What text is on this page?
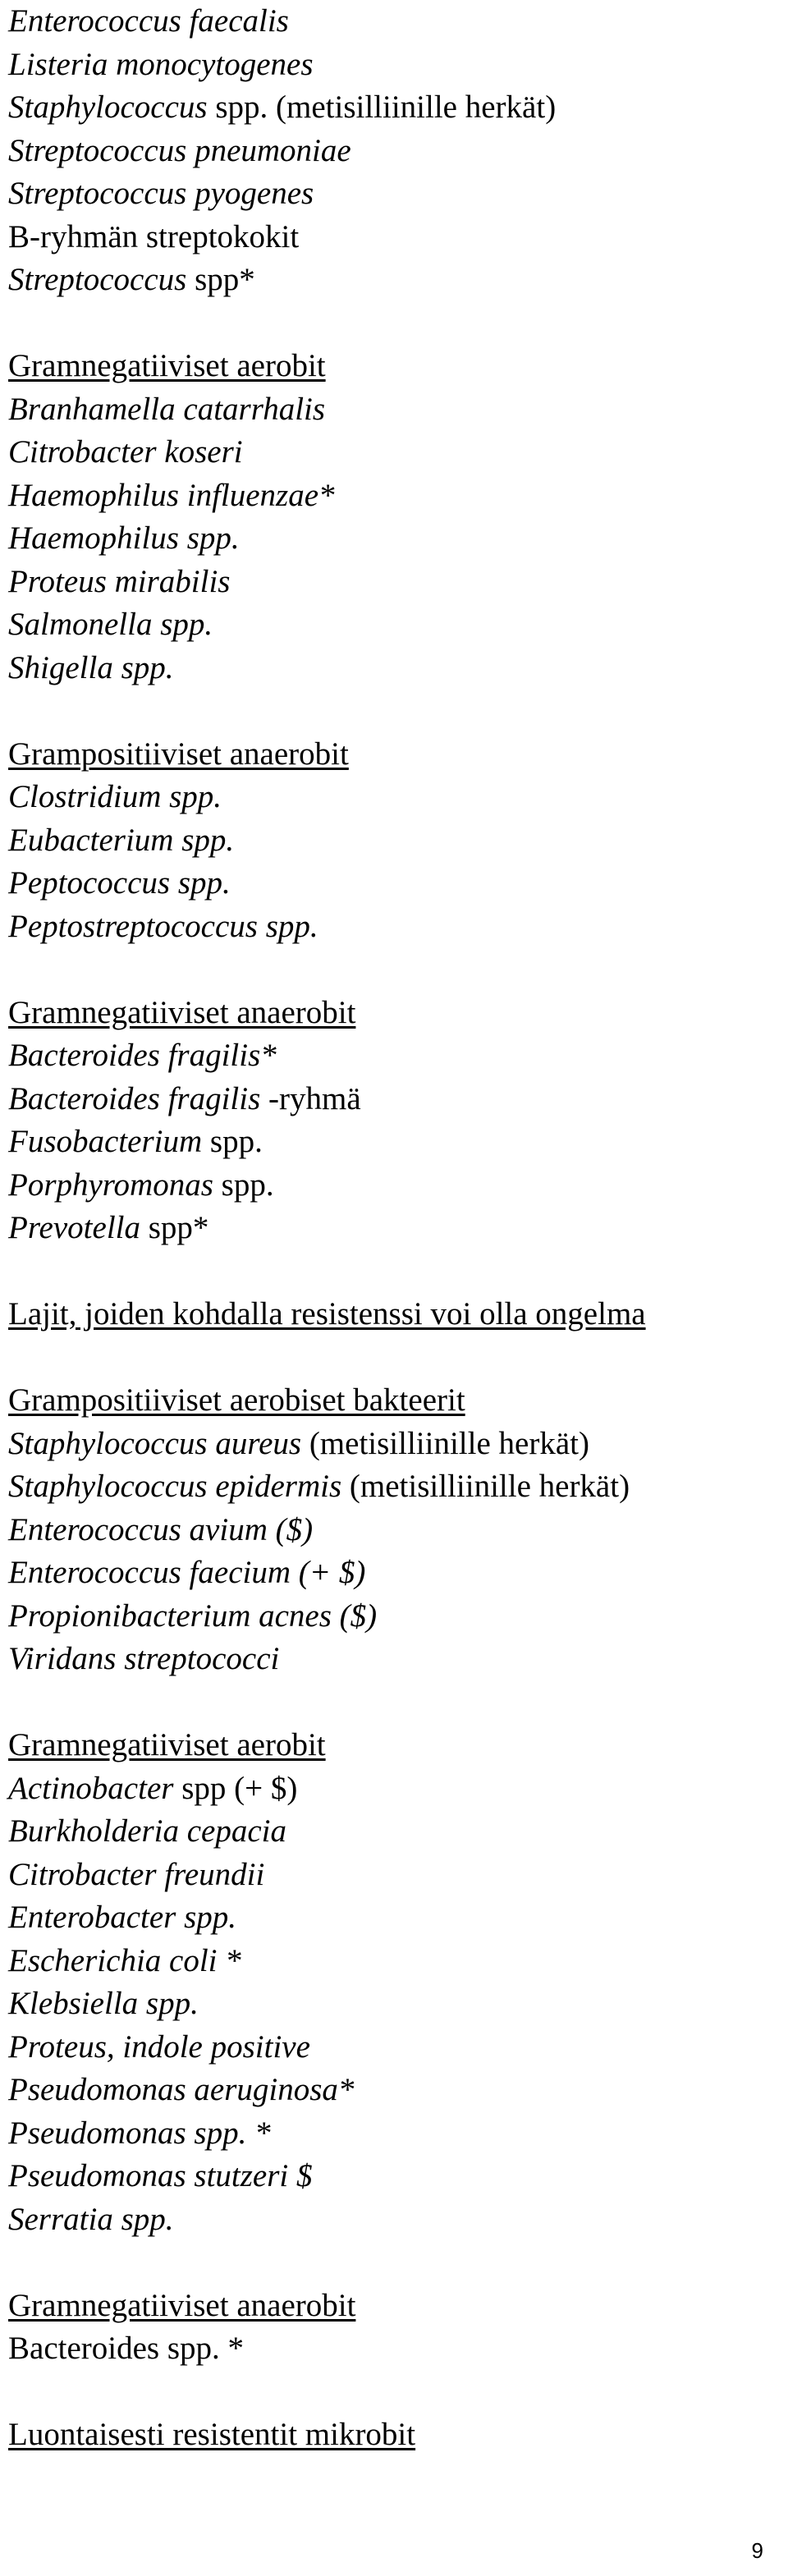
Enterococcus faecalis
Listeria monocytogenes
Staphylococcus spp. (metisilliinille herkät)
Streptococcus pneumoniae
Streptococcus pyogenes
B-ryhmän streptokokit
Streptococcus spp*
Gramnegatiiviset aerobit
Branhamella catarrhalis
Citrobacter koseri
Haemophilus influenzae*
Haemophilus spp.
Proteus mirabilis
Salmonella spp.
Shigella spp.
Grampositiiviset anaerobit
Clostridium spp.
Eubacterium spp.
Peptococcus spp.
Peptostreptococcus spp.
Gramnegatiiviset anaerobit
Bacteroides fragilis*
Bacteroides fragilis -ryhmä
Fusobacterium spp.
Porphyromonas spp.
Prevotella spp*
Lajit, joiden kohdalla resistenssi voi olla ongelma
Grampositiiviset aerobiset bakteerit
Staphylococcus aureus (metisilliinille herkät)
Staphylococcus epidermis (metisilliinille herkät)
Enterococcus avium ($)
Enterococcus faecium (+ $)
Propionibacterium acnes ($)
Viridans streptococci
Gramnegatiiviset aerobit
Actinobacter spp (+ $)
Burkholderia cepacia
Citrobacter freundii
Enterobacter spp.
Escherichia coli *
Klebsiella spp.
Proteus, indole positive
Pseudomonas aeruginosa*
Pseudomonas spp. *
Pseudomonas stutzeri $
Serratia spp.
Gramnegatiiviset anaerobit
Bacteroides spp. *
Luontaisesti resistentit mikrobit
9
